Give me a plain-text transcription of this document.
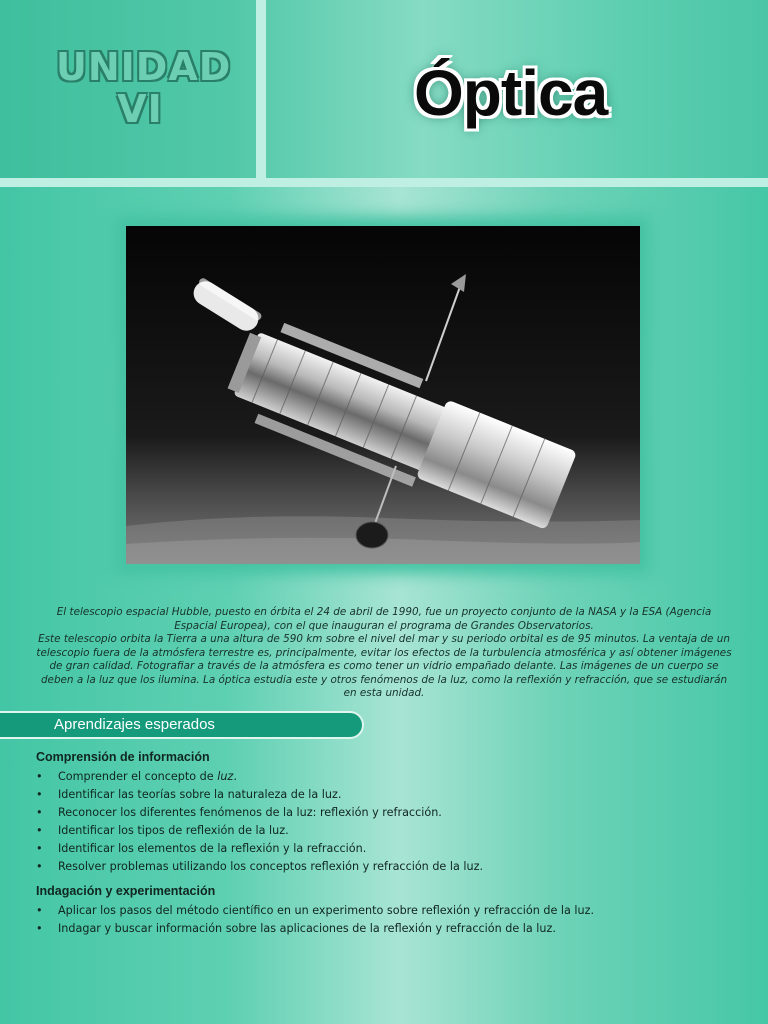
UNIDAD
VI	Óptica

El telescopio espacial Hubble, puesto en órbita el 24 de abril de 1990, fue un proyecto conjunto de la NASA y la ESA (Agencia Espacial Europea), con el que inauguran el programa de Grandes Observatorios.

Este telescopio orbita la Tierra a una altura de 590 km sobre el nivel del mar y su periodo orbital es de 95 minutos. La ventaja de un telescopio fuera de la atmósfera terrestre es, principalmente, evitar los efectos de la turbulencia atmosférica y así obtener imágenes de gran calidad. Fotografiar a través de la atmósfera es como tener un vidrio empañado delante. Las imágenes de un cuerpo se deben a la luz que los ilumina. La óptica estudia este y otros fenómenos de la luz, como la reflexión y refracción, que se estudiarán en esta unidad.

Aprendizajes esperados
Comprensión de información
• Comprender el concepto de luz.
• Identificar las teorías sobre la naturaleza de la luz.
• Reconocer los diferentes fenómenos de la luz: reflexión y refracción.
• Identificar los tipos de reflexión de la luz.
• Identificar los elementos de la reflexión y la refracción.
• Resolver problemas utilizando los conceptos reflexión y refracción de la luz.
Indagación y experimentación
• Aplicar los pasos del método científico en un experimento sobre reflexión y refracción de la luz.
• Indagar y buscar información sobre las aplicaciones de la reflexión y refracción de la luz.
